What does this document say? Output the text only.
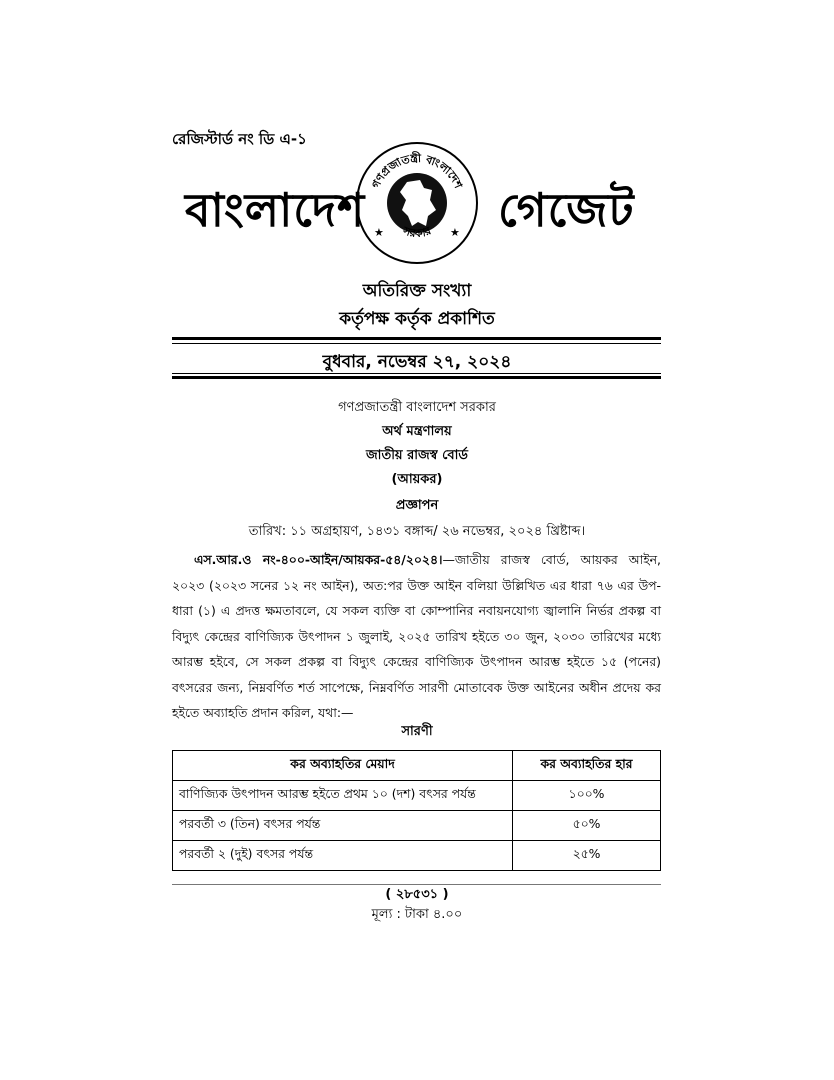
রেজিস্টার্ড নং ডি এ-১
বাংলাদেশ গণপ্রজাতন্ত্রী বাংলাদেশ
সরকার
★	★ গেজেট
অতিরিক্ত সংখ্যা
কর্তৃপক্ষ কর্তৃক প্রকাশিত
বুধবার, নভেম্বর ২৭, ২০২৪
গণপ্রজাতন্ত্রী বাংলাদেশ সরকার
অর্থ মন্ত্রণালয়
জাতীয় রাজস্ব বোর্ড
(আয়কর)
প্রজ্ঞাপন
তারিখ: ১১ অগ্রহায়ণ, ১৪৩১ বঙ্গাব্দ/ ২৬ নভেম্বর, ২০২৪ খ্রিষ্টাব্দ।
এস.আর.ও নং-৪০০-আইন/আয়কর-৫৪/২০২৪।—জাতীয় রাজস্ব বোর্ড, আয়কর আইন, ২০২৩ (২০২৩ সনের ১২ নং আইন), অত:পর উক্ত আইন বলিয়া উল্লিখিত এর ধারা ৭৬ এর উপ-ধারা (১) এ প্রদত্ত ক্ষমতাবলে, যে সকল ব্যক্তি বা কোম্পানির নবায়নযোগ্য জ্বালানি নির্ভর প্রকল্প বা বিদ্যুৎ কেন্দ্রের বাণিজ্যিক উৎপাদন ১ জুলাই, ২০২৫ তারিখ হইতে ৩০ জুন, ২০৩০ তারিখের মধ্যে আরম্ভ হইবে, সে সকল প্রকল্প বা বিদ্যুৎ কেন্দ্রের বাণিজ্যিক উৎপাদন আরম্ভ হইতে ১৫ (পনের) বৎসরের জন্য, নিম্নবর্ণিত শর্ত সাপেক্ষে, নিম্নবর্ণিত সারণী মোতাবেক উক্ত আইনের অধীন প্রদেয় কর হইতে অব্যাহতি প্রদান করিল, যথা:—
সারণী
কর অব্যাহতির মেয়াদ	কর অব্যাহতির হার
বাণিজ্যিক উৎপাদন আরম্ভ হইতে প্রথম ১০ (দশ) বৎসর পর্যন্ত	১০০%
পরবর্তী ৩ (তিন) বৎসর পর্যন্ত	৫০%
পরবর্তী ২ (দুই) বৎসর পর্যন্ত	২৫%
( ২৮৫৩১ )
মূল্য : টাকা ৪.০০
